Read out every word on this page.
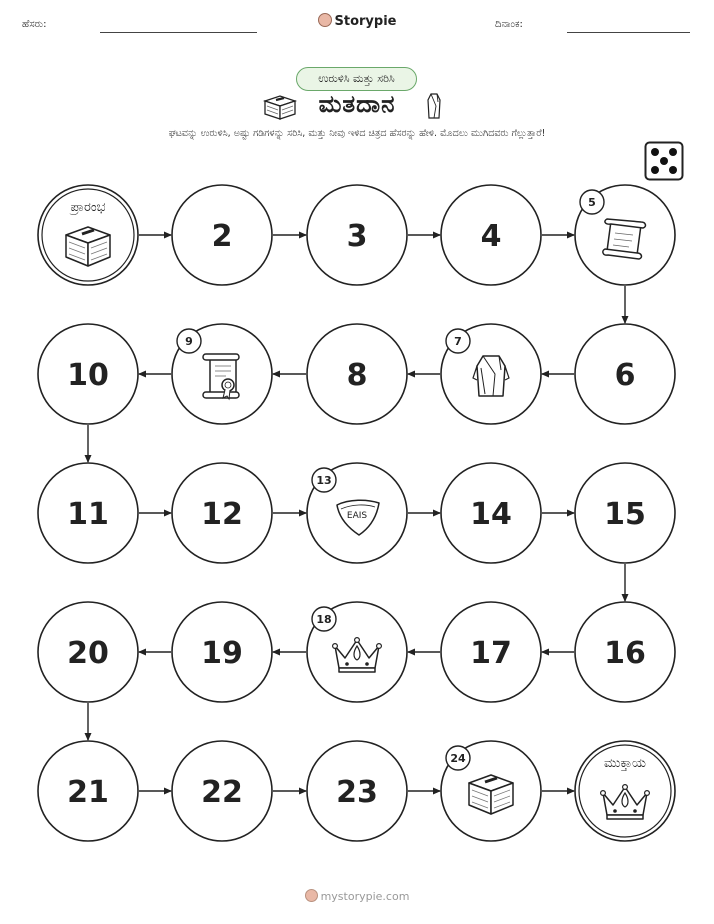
ಹೆಸರು:	Storypie	ದಿನಾಂಕ:
ಉರುಳಿಸಿ ಮತ್ತು ಸರಿಸಿ
ಮತದಾನ
ಘಟವನ್ನು ಉರುಳಿಸಿ, ಅಷ್ಟು ಗಡಿಗಳನ್ನು ಸರಿಸಿ, ಮತ್ತು ನೀವು ಇಳಿದ ಚಿತ್ರದ ಹೆಸರನ್ನು ಹೇಳಿ. ಮೊದಲು ಮುಗಿದವರು ಗೆಲ್ಲುತ್ತಾರೆ!
ಪ್ರಾರಂಭ
2	3	4
5
6
7
8
9
10
11	12	EAIS
13
14	15
16
17
18
19
20
21	22	23
24	ಮುಕ್ತಾಯ
mystorypie.com
